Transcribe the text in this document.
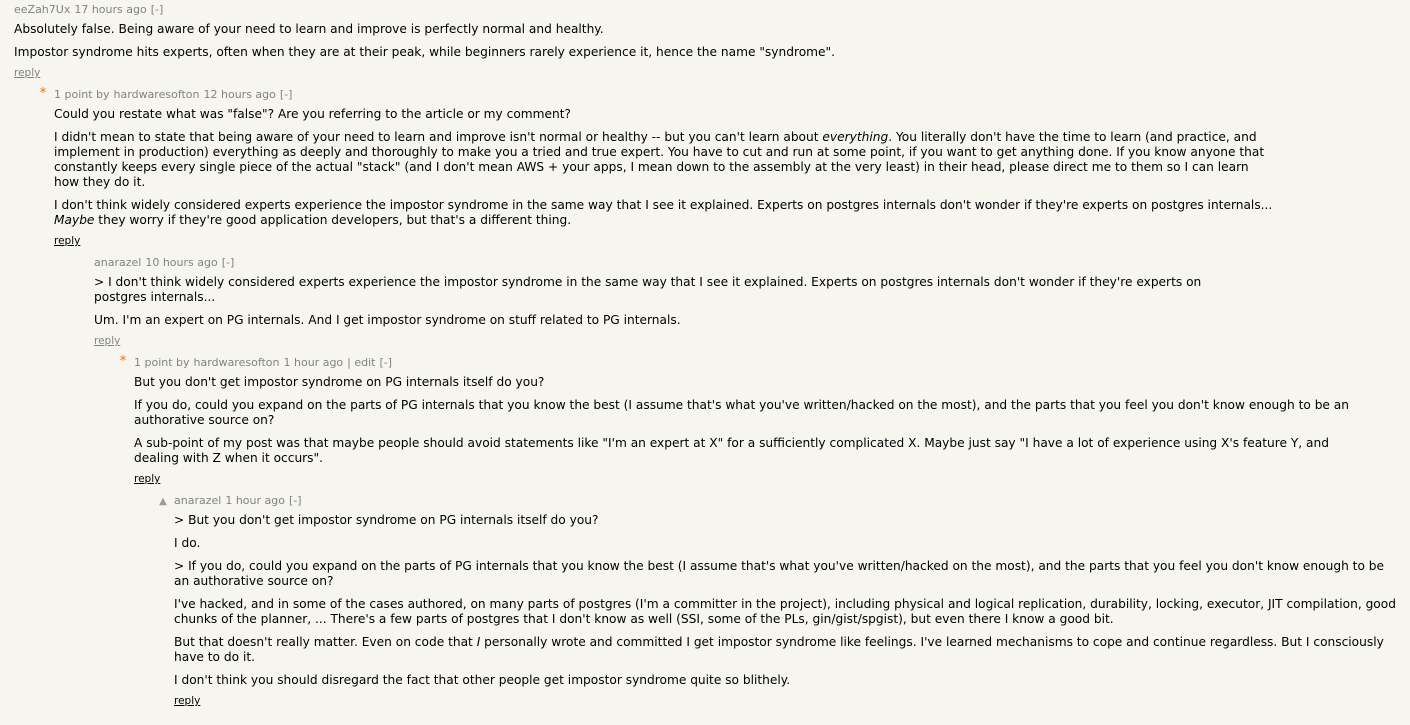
eeZah7Ux 17 hours ago [-]

Absolutely false. Being aware of your need to learn and improve is perfectly normal and healthy.

Impostor syndrome hits experts, often when they are at their peak, while beginners rarely experience it, hence the name "syndrome".

reply
* 1 point by hardwaresofton 12 hours ago [-]

Could you restate what was "false"? Are you referring to the article or my comment?

I didn't mean to state that being aware of your need to learn and improve isn't normal or healthy -- but you can't learn about everything. You literally don't have the time to learn (and practice, and implement in production) everything as deeply and thoroughly to make you a tried and true expert. You have to cut and run at some point, if you want to get anything done. If you know anyone that constantly keeps every single piece of the actual "stack" (and I don't mean AWS + your apps, I mean down to the assembly at the very least) in their head, please direct me to them so I can learn how they do it.

I don't think widely considered experts experience the impostor syndrome in the same way that I see it explained. Experts on postgres internals don't wonder if they're experts on postgres internals... Maybe they worry if they're good application developers, but that's a different thing.

reply
anarazel 10 hours ago [-]

> I don't think widely considered experts experience the impostor syndrome in the same way that I see it explained. Experts on postgres internals don't wonder if they're experts on postgres internals...

Um. I'm an expert on PG internals. And I get impostor syndrome on stuff related to PG internals.

reply
* 1 point by hardwaresofton 1 hour ago | edit [-]

But you don't get impostor syndrome on PG internals itself do you?

If you do, could you expand on the parts of PG internals that you know the best (I assume that's what you've written/hacked on the most), and the parts that you feel you don't know enough to be an authorative source on?

A sub-point of my post was that maybe people should avoid statements like "I'm an expert at X" for a sufficiently complicated X. Maybe just say "I have a lot of experience using X's feature Y, and dealing with Z when it occurs".

reply
▲ anarazel 1 hour ago [-]

> But you don't get impostor syndrome on PG internals itself do you?

I do.

> If you do, could you expand on the parts of PG internals that you know the best (I assume that's what you've written/hacked on the most), and the parts that you feel you don't know enough to be an authorative source on?

I've hacked, and in some of the cases authored, on many parts of postgres (I'm a committer in the project), including physical and logical replication, durability, locking, executor, JIT compilation, good chunks of the planner, ... There's a few parts of postgres that I don't know as well (SSI, some of the PLs, gin/gist/spgist), but even there I know a good bit.

But that doesn't really matter. Even on code that I personally wrote and committed I get impostor syndrome like feelings. I've learned mechanisms to cope and continue regardless. But I consciously have to do it.

I don't think you should disregard the fact that other people get impostor syndrome quite so blithely.

reply
